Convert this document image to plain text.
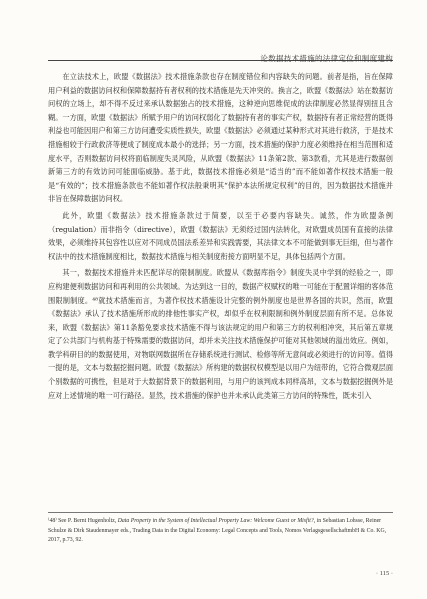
论数据技术措施的法律定位和制度建构

在立法技术上，欧盟《数据法》技术措施条款也存在制度错位和内容缺失的问题。前者是指，旨在保障用户利益的数据访问权和保障数据持有者权利的技术措施是先天冲突的。换言之，欧盟《数据法》站在数据访问权的立场上，却不得不反过来承认数据独占的技术措施，这种逆向思维促成的法律制度必然显得别扭且含糊。一方面，欧盟《数据法》所赋予用户的访问权弱化了数据持有者的事实产权，数据持有者正常经营的既得利益也可能因用户和第三方访问遭受实质性损失，欧盟《数据法》必须通过某种形式对其进行救济，于是技术措施相较于行政救济等便成了制度成本最小的选择；另一方面，技术措施的保护力度必须维持在相当范围和适度水平，否则数据访问权将面临制度失灵风险，从欧盟《数据法》11条第2款、第3款看，尤其是进行数据创新第三方的有效访问可能面临威胁。基于此，数据技术措施必须是“适当的”而不能如著作权技术措施一般是“有效的”；技术措施条款也不能如著作权法般秉明其“保护本法所规定权利”的目的，因为数据技术措施并非旨在保障数据访问权。

此外，欧盟《数据法》技术措施条款过于简要，以至于必要内容缺失。诚然，作为欧盟条例（regulation）而非指令（directive），欧盟《数据法》无须经过国内法转化，对欧盟成员国有直接的法律效果，必须维持其包容性以应对不同成员国法系差异和实践需要，其法律文本不可能做到事无巨细，但与著作权法中的技术措施制度相比，数据技术措施与相关制度衔接方面明显不足，具体包括两个方面。

其一，数据技术措施并未匹配详尽的限制制度。欧盟从《数据库指令》制度失灵中学到的经验之一，即应构建便利数据访问和再利用的公共领域。为达到这一目的，数据产权赋权的唯一可能在于配置详细的客体范围限制制度。⁴⁸就技术措施而言，为著作权技术措施设计完整的例外制度也是世界各国的共识，然而，欧盟《数据法》承认了技术措施所形成的排他性事实产权，却似乎在权利限制和例外制度层面有所不足。总体说来，欧盟《数据法》第11条豁免要求技术措施不得与该法规定的用户和第三方的权利相冲突，其后第五章规定了公共部门与机构基于特殊需要的数据访问，却并未关注技术措施保护可能对其他领域的溢出效应。例如，教学科研目的的数据使用，对物联网数据所在存储系统进行测试、检修等所无意间或必须进行的访问等。值得一提的是，文本与数据挖掘问题。欧盟《数据法》所构建的数据权权模型是以用户为纽带的，它符合微观层面个别数据的可携性，但是对于大数据背景下的数据利用，与用户的该判成本同样高昂，文本与数据挖掘例外是应对上述情境的唯一可行路径。显然，技术措施的保护也并未承认此类第三方访问的特殊性，既未引入

⁽48⁾ See P. Bernt Hugenholtz, Data Property in the System of Intellectual Property Law: Welcome Guest or Misfit?, in Sebastian Lohsse, Reiner Schulze & Dirk Staudenmayer eds., Trading Data in the Digital Economy: Legal Concepts and Tools, Nomos VerlagsgesellschaftmbH & Co. KG, 2017, p.73, 92.
· 115 ·
